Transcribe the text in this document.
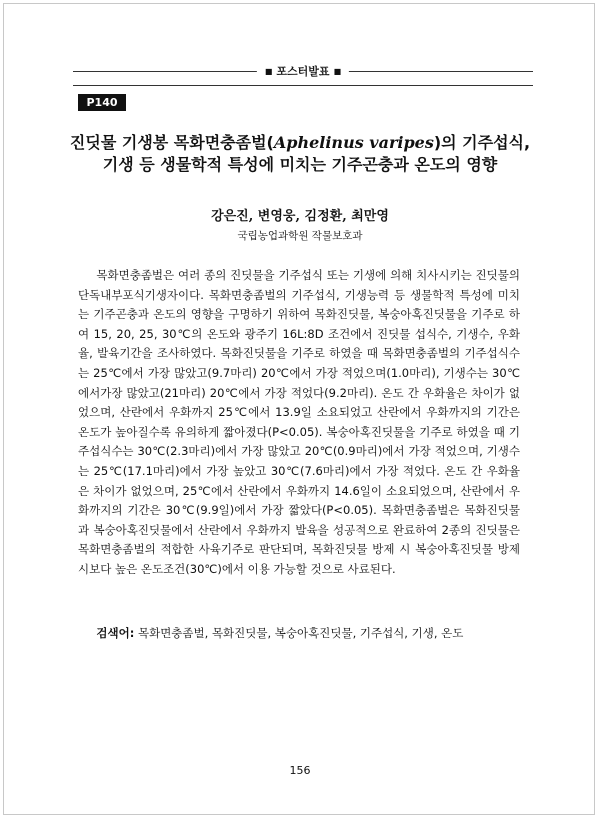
■ 포스터발표 ■
P140
진딧물 기생봉 목화면충좀벌(Aphelinus varipes)의 기주섭식,
기생 등 생물학적 특성에 미치는 기주곤충과 온도의 영향
강은진, 변영웅, 김정환, 최만영
국립농업과학원 작물보호과

목화면충좀벌은 여러 종의 진딧물을 기주섭식 또는 기생에 의해 치사시키는 진딧물의 단독내부포식기생자이다. 목화면충좀벌의 기주섭식, 기생능력 등 생물학적 특성에 미치는 기주곤충과 온도의 영향을 구명하기 위하여 목화진딧물, 복숭아혹진딧물을 기주로 하여 15, 20, 25, 30℃의 온도와 광주기 16L:8D 조건에서 진딧물 섭식수, 기생수, 우화율, 발육기간을 조사하였다. 목화진딧물을 기주로 하였을 때 목화면충좀벌의 기주섭식수는 25℃에서 가장 많았고(9.7마리) 20℃에서 가장 적었으며(1.0마리), 기생수는 30℃에서가장 많았고(21마리) 20℃에서 가장 적었다(9.2마리). 온도 간 우화율은 차이가 없었으며, 산란에서 우화까지 25℃에서 13.9일 소요되었고 산란에서 우화까지의 기간은 온도가 높아질수록 유의하게 짧아졌다(P<0.05). 복숭아혹진딧물을 기주로 하였을 때 기주섭식수는 30℃(2.3마리)에서 가장 많았고 20℃(0.9마리)에서 가장 적었으며, 기생수는 25℃(17.1마리)에서 가장 높았고 30℃(7.6마리)에서 가장 적었다. 온도 간 우화율은 차이가 없었으며, 25℃에서 산란에서 우화까지 14.6일이 소요되었으며, 산란에서 우화까지의 기간은 30℃(9.9일)에서 가장 짧았다(P<0.05). 목화면충좀벌은 목화진딧물과 복숭아혹진딧물에서 산란에서 우화까지 발육을 성공적으로 완료하여 2종의 진딧물은 목화면충좀벌의 적합한 사육기주로 판단되며, 목화진딧물 방제 시 복숭아혹진딧물 방제 시보다 높은 온도조건(30℃)에서 이용 가능할 것으로 사료된다.

검색어: 목화면충좀벌, 목화진딧물, 복숭아혹진딧물, 기주섭식, 기생, 온도

156
